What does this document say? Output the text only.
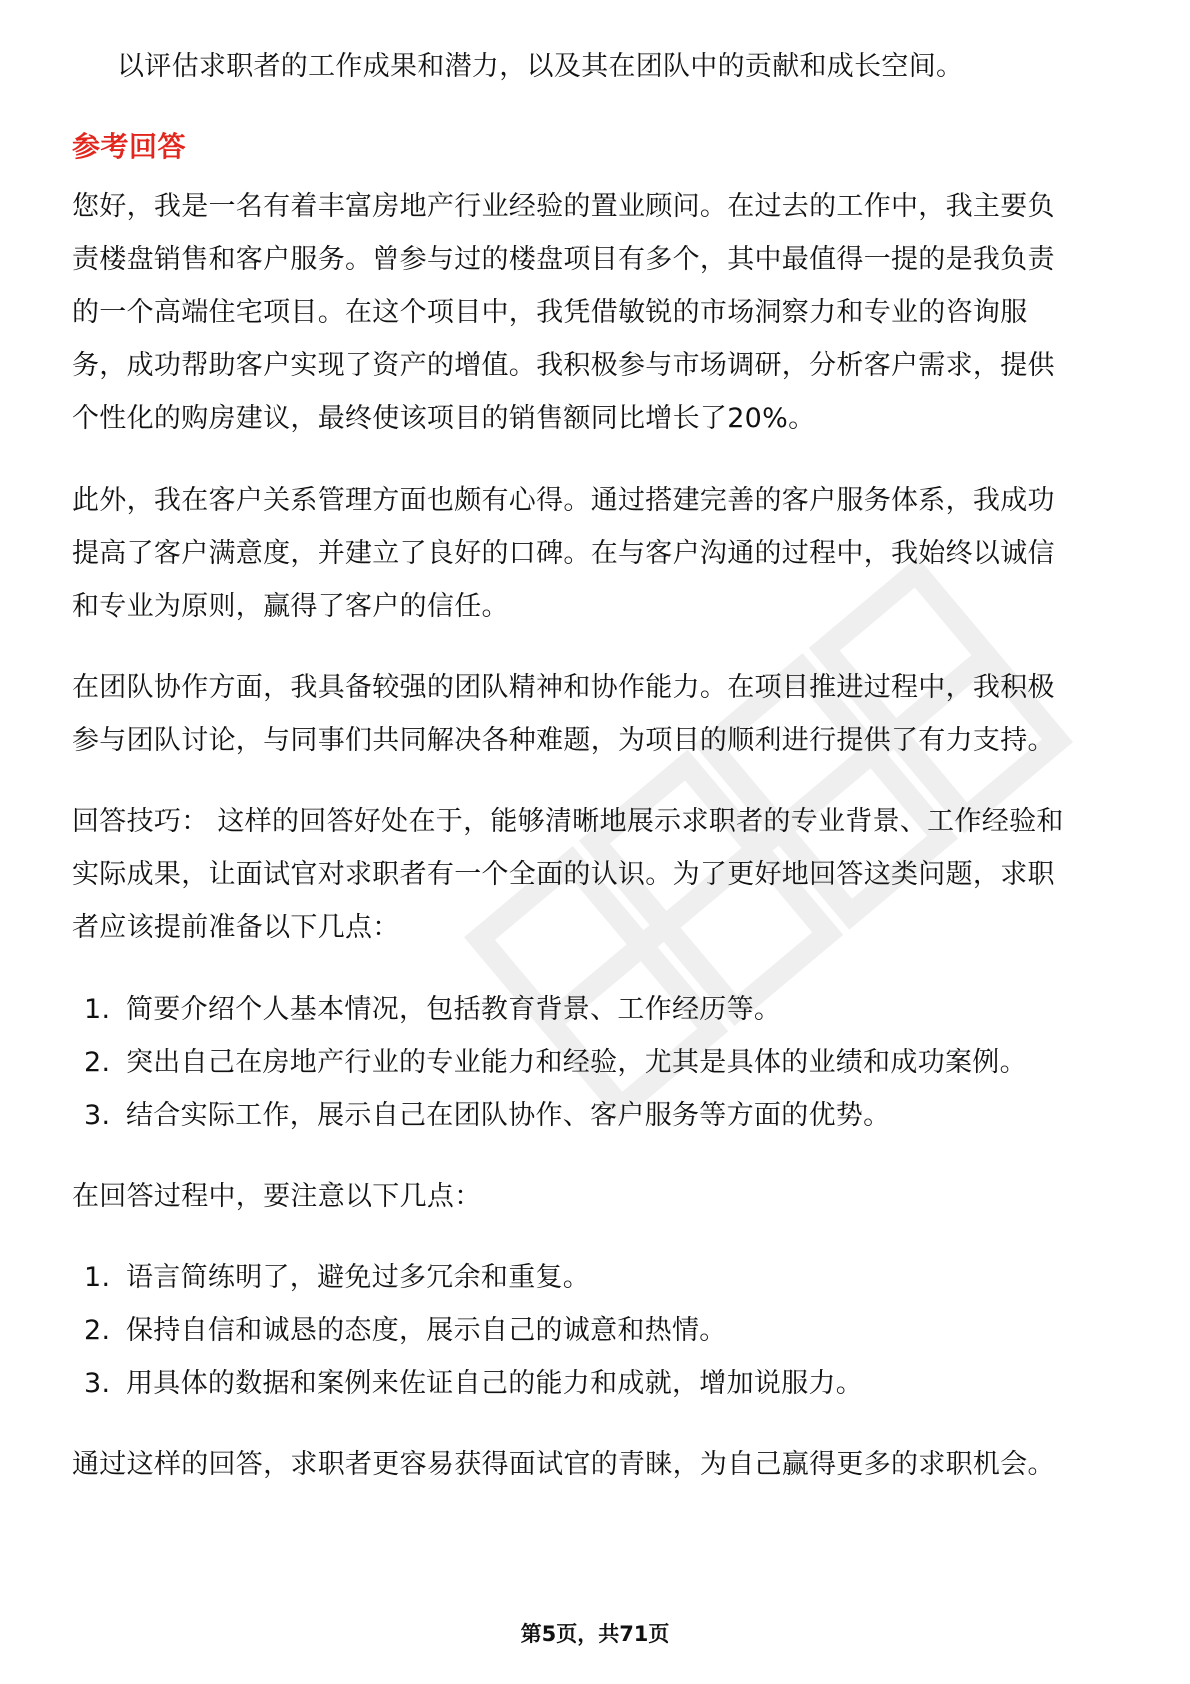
以评估求职者的工作成果和潜力，以及其在团队中的贡献和成长空间。
参考回答
您好，我是一名有着丰富房地产行业经验的置业顾问。在过去的工作中，我主要负
责楼盘销售和客户服务。曾参与过的楼盘项目有多个，其中最值得一提的是我负责
的一个高端住宅项目。在这个项目中，我凭借敏锐的市场洞察力和专业的咨询服
务，成功帮助客户实现了资产的增值。我积极参与市场调研，分析客户需求，提供
个性化的购房建议，最终使该项目的销售额同比增长了20%。
此外，我在客户关系管理方面也颇有心得。通过搭建完善的客户服务体系，我成功
提高了客户满意度，并建立了良好的口碑。在与客户沟通的过程中，我始终以诚信
和专业为原则，赢得了客户的信任。
在团队协作方面，我具备较强的团队精神和协作能力。在项目推进过程中，我积极
参与团队讨论，与同事们共同解决各种难题，为项目的顺利进行提供了有力支持。
回答技巧： 这样的回答好处在于，能够清晰地展示求职者的专业背景、工作经验和
实际成果，让面试官对求职者有一个全面的认识。为了更好地回答这类问题，求职
者应该提前准备以下几点：
1. 简要介绍个人基本情况，包括教育背景、工作经历等。
2. 突出自己在房地产行业的专业能力和经验，尤其是具体的业绩和成功案例。
3. 结合实际工作，展示自己在团队协作、客户服务等方面的优势。
在回答过程中，要注意以下几点：
1. 语言简练明了，避免过多冗余和重复。
2. 保持自信和诚恳的态度，展示自己的诚意和热情。
3. 用具体的数据和案例来佐证自己的能力和成就，增加说服力。
通过这样的回答，求职者更容易获得面试官的青睐，为自己赢得更多的求职机会。
第5页，共71页
